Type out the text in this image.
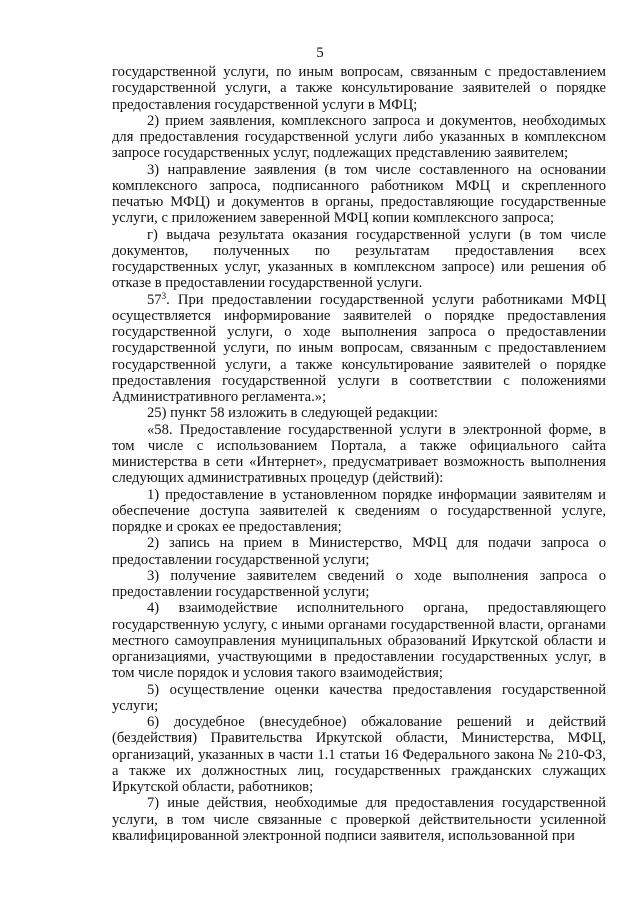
5

государственной услуги, по иным вопросам, связанным с предоставлением государственной услуги, а также консультирование заявителей о порядке предоставления государственной услуги в МФЦ;

2) прием заявления, комплексного запроса и документов, необходимых для предоставления государственной услуги либо указанных в комплексном запросе государственных услуг, подлежащих представлению заявителем;

3) направление заявления (в том числе составленного на основании комплексного запроса, подписанного работником МФЦ и скрепленного печатью МФЦ) и документов в органы, предоставляющие государственные услуги, с приложением заверенной МФЦ копии комплексного запроса;

г) выдача результата оказания государственной услуги (в том числе документов, полученных по результатам предоставления всех государственных услуг, указанных в комплексном запросе) или решения об отказе в предоставлении государственной услуги.

$57^3$. При предоставлении государственной услуги работниками МФЦ осуществляется информирование заявителей о порядке предоставления государственной услуги, о ходе выполнения запроса о предоставлении государственной услуги, по иным вопросам, связанным с предоставлением государственной услуги, а также консультирование заявителей о порядке предоставления государственной услуги в соответствии с положениями Административного регламента.»;

25) пункт 58 изложить в следующей редакции:

«58. Предоставление государственной услуги в электронной форме, в том числе с использованием Портала, а также официального сайта министерства в сети «Интернет», предусматривает возможность выполнения следующих административных процедур (действий):

1) предоставление в установленном порядке информации заявителям и обеспечение доступа заявителей к сведениям о государственной услуге, порядке и сроках ее предоставления;

2) запись на прием в Министерство, МФЦ для подачи запроса о предоставлении государственной услуги;

3) получение заявителем сведений о ходе выполнения запроса о предоставлении государственной услуги;

4) взаимодействие исполнительного органа, предоставляющего государственную услугу, с иными органами государственной власти, органами местного самоуправления муниципальных образований Иркутской области и организациями, участвующими в предоставлении государственных услуг, в том числе порядок и условия такого взаимодействия;

5) осуществление оценки качества предоставления государственной услуги;

6) досудебное (внесудебное) обжалование решений и действий (бездействия) Правительства Иркутской области, Министерства, МФЦ, организаций, указанных в части 1.1 статьи 16 Федерального закона № 210-ФЗ, а также их должностных лиц, государственных гражданских служащих Иркутской области, работников;

7) иные действия, необходимые для предоставления государственной услуги, в том числе связанные с проверкой действительности усиленной квалифицированной электронной подписи заявителя, использованной при
